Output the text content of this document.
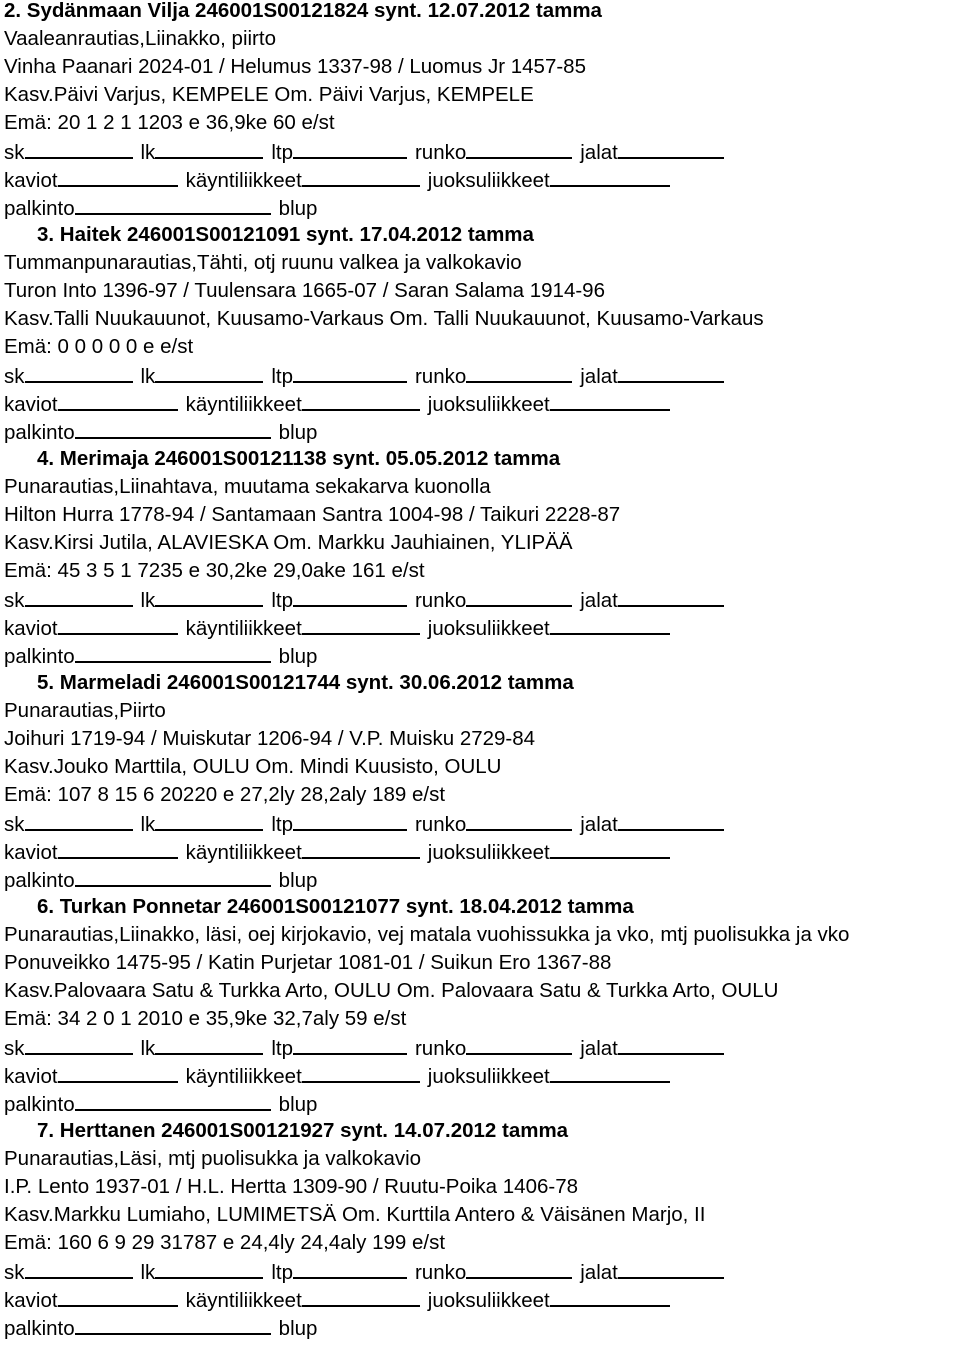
2. Sydänmaan Vilja 246001S00121824 synt. 12.07.2012 tamma
Vaaleanrautias,Liinakko, piirto
Vinha Paanari 2024-01 / Helumus 1337-98 / Luomus Jr 1457-85
Kasv.Päivi Varjus, KEMPELE Om. Päivi Varjus, KEMPELE
Emä: 20 1 2 1 1203 e 36,9ke 60 e/st
sk	lk	ltp	runko	jalat
kaviot	käyntiliikkeet	juoksuliikkeet
palkinto	blup
3. Haitek 246001S00121091 synt. 17.04.2012 tamma
Tummanpunarautias,Tähti, otj ruunu valkea ja valkokavio
Turon Into 1396-97 / Tuulensara 1665-07 / Saran Salama 1914-96
Kasv.Talli Nuukauunot, Kuusamo-Varkaus Om. Talli Nuukauunot, Kuusamo-Varkaus
Emä: 0 0 0 0 0 e e/st
sk	lk	ltp	runko	jalat
kaviot	käyntiliikkeet	juoksuliikkeet
palkinto	blup
4. Merimaja 246001S00121138 synt. 05.05.2012 tamma
Punarautias,Liinahtava, muutama sekakarva kuonolla
Hilton Hurra 1778-94 / Santamaan Santra 1004-98 / Taikuri 2228-87
Kasv.Kirsi Jutila, ALAVIESKA Om. Markku Jauhiainen, YLIPÄÄ
Emä: 45 3 5 1 7235 e 30,2ke 29,0ake 161 e/st
sk	lk	ltp	runko	jalat
kaviot	käyntiliikkeet	juoksuliikkeet
palkinto	blup
5. Marmeladi 246001S00121744 synt. 30.06.2012 tamma
Punarautias,Piirto
Joihuri 1719-94 / Muiskutar 1206-94 / V.P. Muisku 2729-84
Kasv.Jouko Marttila, OULU Om. Mindi Kuusisto, OULU
Emä: 107 8 15 6 20220 e 27,2ly 28,2aly 189 e/st
sk	lk	ltp	runko	jalat
kaviot	käyntiliikkeet	juoksuliikkeet
palkinto	blup
6. Turkan Ponnetar 246001S00121077 synt. 18.04.2012 tamma
Punarautias,Liinakko, läsi, oej kirjokavio, vej matala vuohissukka ja vko, mtj puolisukka ja vko
Ponuveikko 1475-95 / Katin Purjetar 1081-01 / Suikun Ero 1367-88
Kasv.Palovaara Satu & Turkka Arto, OULU Om. Palovaara Satu & Turkka Arto, OULU
Emä: 34 2 0 1 2010 e 35,9ke 32,7aly 59 e/st
sk	lk	ltp	runko	jalat
kaviot	käyntiliikkeet	juoksuliikkeet
palkinto	blup
7. Herttanen 246001S00121927 synt. 14.07.2012 tamma
Punarautias,Läsi, mtj puolisukka ja valkokavio
I.P. Lento 1937-01 / H.L. Hertta 1309-90 / Ruutu-Poika 1406-78
Kasv.Markku Lumiaho, LUMIMETSÄ Om. Kurttila Antero & Väisänen Marjo, II
Emä: 160 6 9 29 31787 e 24,4ly 24,4aly 199 e/st
sk	lk	ltp	runko	jalat
kaviot	käyntiliikkeet	juoksuliikkeet
palkinto	blup
